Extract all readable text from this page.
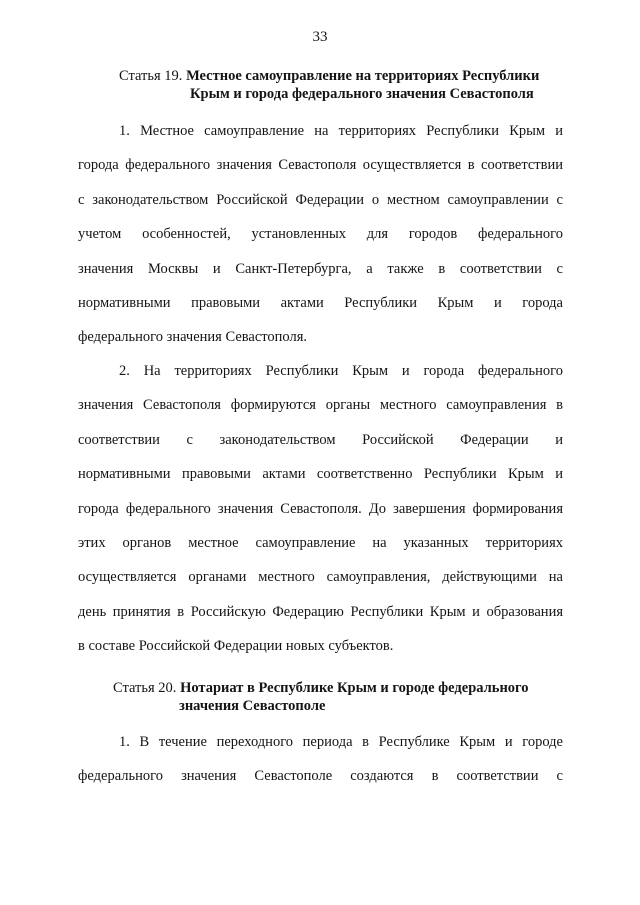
33
Статья 19. Местное самоуправление на территориях Республики
Крым и города федерального значения Севастополя
1. Местное самоуправление на территориях Республики Крым и
города федерального значения Севастополя осуществляется в соответствии
с законодательством Российской Федерации о местном самоуправлении с
учетом особенностей, установленных для городов федерального
значения Москвы и Санкт-Петербурга, а также в соответствии с
нормативными правовыми актами Республики Крым и города
федерального значения Севастополя.
2. На территориях Республики Крым и города федерального
значения Севастополя формируются органы местного самоуправления в
соответствии с законодательством Российской Федерации и
нормативными правовыми актами соответственно Республики Крым и
города федерального значения Севастополя. До завершения формирования
этих органов местное самоуправление на указанных территориях
осуществляется органами местного самоуправления, действующими на
день принятия в Российскую Федерацию Республики Крым и образования
в составе Российской Федерации новых субъектов.
Статья 20. Нотариат в Республике Крым и городе федерального
значения Севастополе
1. В течение переходного периода в Республике Крым и городе
федерального значения Севастополе создаются в соответствии с
